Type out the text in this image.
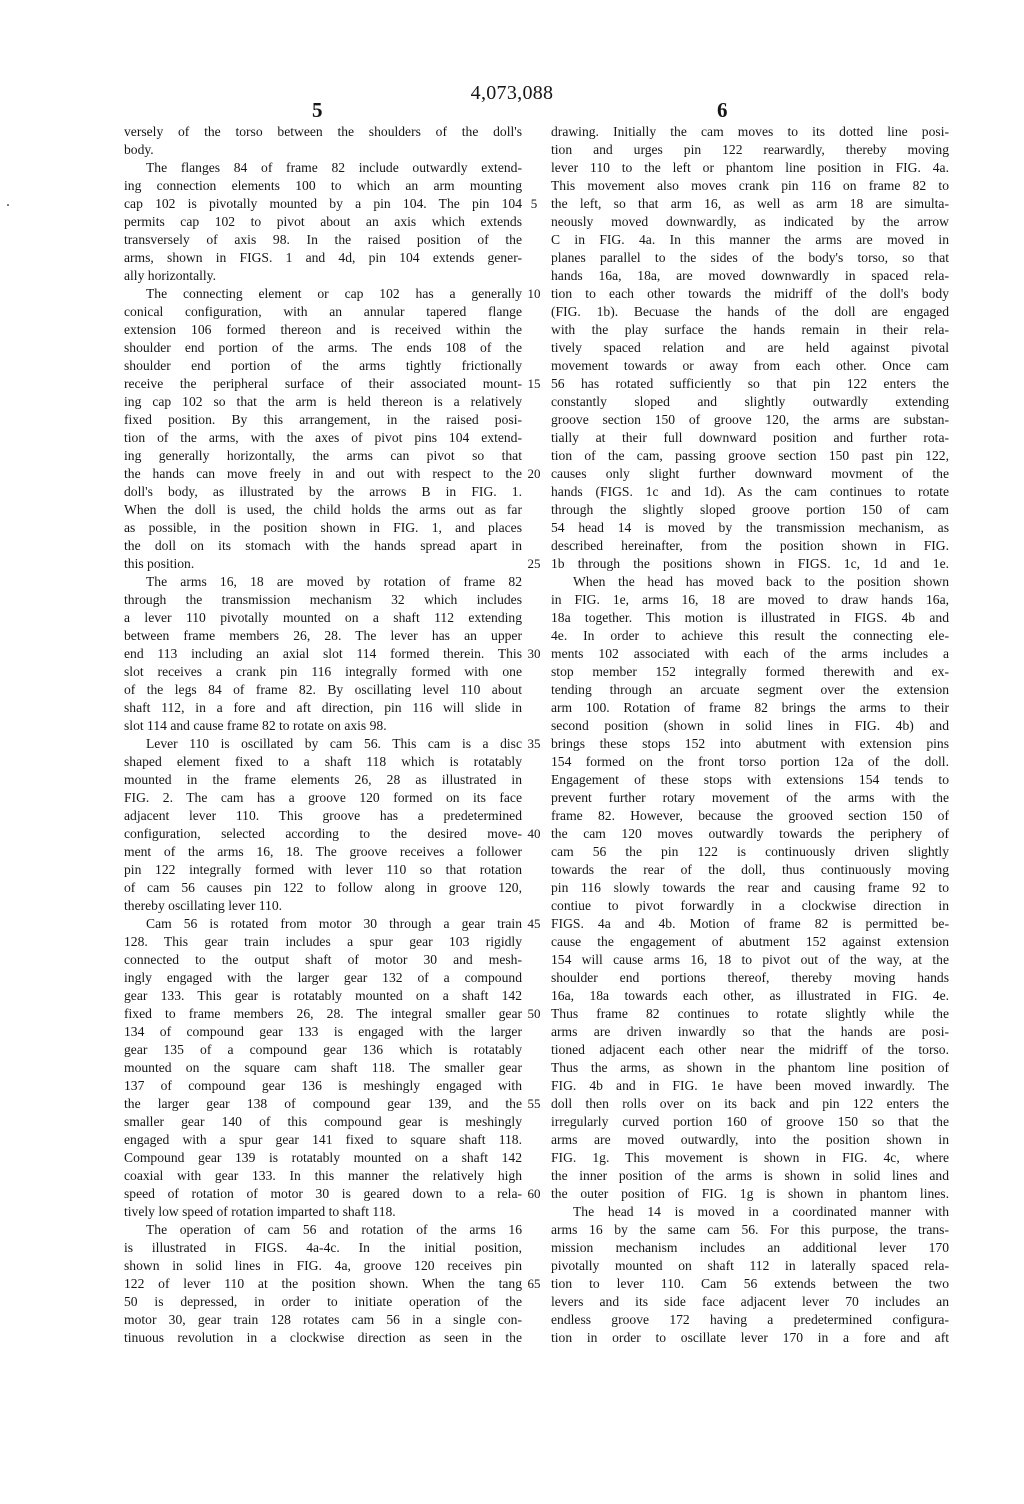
4,073,088
5	6
versely of the torso between the shoulders of the doll's
body.
The flanges 84 of frame 82 include outwardly extend-
ing connection elements 100 to which an arm mounting
cap 102 is pivotally mounted by a pin 104. The pin 104
permits cap 102 to pivot about an axis which extends
transversely of axis 98. In the raised position of the
arms, shown in FIGS. 1 and 4d, pin 104 extends gener-
ally horizontally.
The connecting element or cap 102 has a generally
conical configuration, with an annular tapered flange
extension 106 formed thereon and is received within the
shoulder end portion of the arms. The ends 108 of the
shoulder end portion of the arms tightly frictionally
receive the peripheral surface of their associated mount-
ing cap 102 so that the arm is held thereon is a relatively
fixed position. By this arrangement, in the raised posi-
tion of the arms, with the axes of pivot pins 104 extend-
ing generally horizontally, the arms can pivot so that
the hands can move freely in and out with respect to the
doll's body, as illustrated by the arrows B in FIG. 1.
When the doll is used, the child holds the arms out as far
as possible, in the position shown in FIG. 1, and places
the doll on its stomach with the hands spread apart in
this position.
The arms 16, 18 are moved by rotation of frame 82
through the transmission mechanism 32 which includes
a lever 110 pivotally mounted on a shaft 112 extending
between frame members 26, 28. The lever has an upper
end 113 including an axial slot 114 formed therein. This
slot receives a crank pin 116 integrally formed with one
of the legs 84 of frame 82. By oscillating level 110 about
shaft 112, in a fore and aft direction, pin 116 will slide in
slot 114 and cause frame 82 to rotate on axis 98.
Lever 110 is oscillated by cam 56. This cam is a disc
shaped element fixed to a shaft 118 which is rotatably
mounted in the frame elements 26, 28 as illustrated in
FIG. 2. The cam has a groove 120 formed on its face
adjacent lever 110. This groove has a predetermined
configuration, selected according to the desired move-
ment of the arms 16, 18. The groove receives a follower
pin 122 integrally formed with lever 110 so that rotation
of cam 56 causes pin 122 to follow along in groove 120,
thereby oscillating lever 110.
Cam 56 is rotated from motor 30 through a gear train
128. This gear train includes a spur gear 103 rigidly
connected to the output shaft of motor 30 and mesh-
ingly engaged with the larger gear 132 of a compound
gear 133. This gear is rotatably mounted on a shaft 142
fixed to frame members 26, 28. The integral smaller gear
134 of compound gear 133 is engaged with the larger
gear 135 of a compound gear 136 which is rotatably
mounted on the square cam shaft 118. The smaller gear
137 of compound gear 136 is meshingly engaged with
the larger gear 138 of compound gear 139, and the
smaller gear 140 of this compound gear is meshingly
engaged with a spur gear 141 fixed to square shaft 118.
Compound gear 139 is rotatably mounted on a shaft 142
coaxial with gear 133. In this manner the relatively high
speed of rotation of motor 30 is geared down to a rela-
tively low speed of rotation imparted to shaft 118.
The operation of cam 56 and rotation of the arms 16
is illustrated in FIGS. 4a-4c. In the initial position,
shown in solid lines in FIG. 4a, groove 120 receives pin
122 of lever 110 at the position shown. When the tang
50 is depressed, in order to initiate operation of the
motor 30, gear train 128 rotates cam 56 in a single con-
tinuous revolution in a clockwise direction as seen in the
5
10
15
20
25
30
35
40
45
50
55
60
65
drawing. Initially the cam moves to its dotted line posi-
tion and urges pin 122 rearwardly, thereby moving
lever 110 to the left or phantom line position in FIG. 4a.
This movement also moves crank pin 116 on frame 82 to
the left, so that arm 16, as well as arm 18 are simulta-
neously moved downwardly, as indicated by the arrow
C in FIG. 4a. In this manner the arms are moved in
planes parallel to the sides of the body's torso, so that
hands 16a, 18a, are moved downwardly in spaced rela-
tion to each other towards the midriff of the doll's body
(FIG. 1b). Becuase the hands of the doll are engaged
with the play surface the hands remain in their rela-
tively spaced relation and are held against pivotal
movement towards or away from each other. Once cam
56 has rotated sufficiently so that pin 122 enters the
constantly sloped and slightly outwardly extending
groove section 150 of groove 120, the arms are substan-
tially at their full downward position and further rota-
tion of the cam, passing groove section 150 past pin 122,
causes only slight further downward movment of the
hands (FIGS. 1c and 1d). As the cam continues to rotate
through the slightly sloped groove portion 150 of cam
54 head 14 is moved by the transmission mechanism, as
described hereinafter, from the position shown in FIG.
1b through the positions shown in FIGS. 1c, 1d and 1e.
When the head has moved back to the position shown
in FIG. 1e, arms 16, 18 are moved to draw hands 16a,
18a together. This motion is illustrated in FIGS. 4b and
4e. In order to achieve this result the connecting ele-
ments 102 associated with each of the arms includes a
stop member 152 integrally formed therewith and ex-
tending through an arcuate segment over the extension
arm 100. Rotation of frame 82 brings the arms to their
second position (shown in solid lines in FIG. 4b) and
brings these stops 152 into abutment with extension pins
154 formed on the front torso portion 12a of the doll.
Engagement of these stops with extensions 154 tends to
prevent further rotary movement of the arms with the
frame 82. However, because the grooved section 150 of
the cam 120 moves outwardly towards the periphery of
cam 56 the pin 122 is continuously driven slightly
towards the rear of the doll, thus continuously moving
pin 116 slowly towards the rear and causing frame 92 to
contiue to pivot forwardly in a clockwise direction in
FIGS. 4a and 4b. Motion of frame 82 is permitted be-
cause the engagement of abutment 152 against extension
154 will cause arms 16, 18 to pivot out of the way, at the
shoulder end portions thereof, thereby moving hands
16a, 18a towards each other, as illustrated in FIG. 4e.
Thus frame 82 continues to rotate slightly while the
arms are driven inwardly so that the hands are posi-
tioned adjacent each other near the midriff of the torso.
Thus the arms, as shown in the phantom line position of
FIG. 4b and in FIG. 1e have been moved inwardly. The
doll then rolls over on its back and pin 122 enters the
irregularly curved portion 160 of groove 150 so that the
arms are moved outwardly, into the position shown in
FIG. 1g. This movement is shown in FIG. 4c, where
the inner position of the arms is shown in solid lines and
the outer position of FIG. 1g is shown in phantom lines.
The head 14 is moved in a coordinated manner with
arms 16 by the same cam 56. For this purpose, the trans-
mission mechanism includes an additional lever 170
pivotally mounted on shaft 112 in laterally spaced rela-
tion to lever 110. Cam 56 extends between the two
levers and its side face adjacent lever 70 includes an
endless groove 172 having a predetermined configura-
tion in order to oscillate lever 170 in a fore and aft
